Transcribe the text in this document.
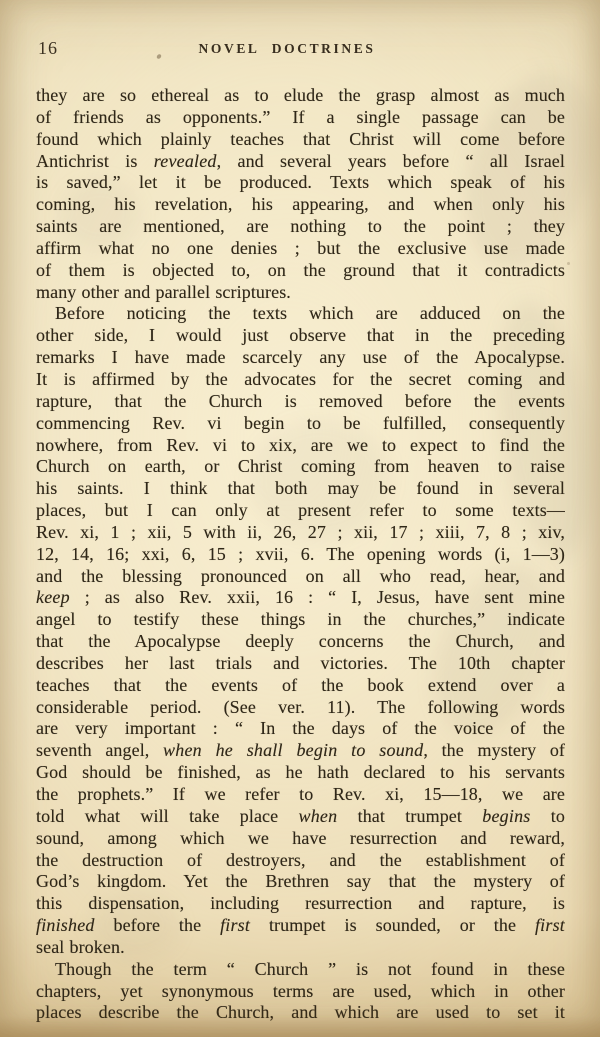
16	NOVEL DOCTRINES
they are so ethereal as to elude the grasp almost as much
of friends as opponents.” If a single passage can be
found which plainly teaches that Christ will come before
Antichrist is revealed, and several years before “ all Israel
is saved,” let it be produced. Texts which speak of his
coming, his revelation, his appearing, and when only his
saints are mentioned, are nothing to the point ; they
affirm what no one denies ; but the exclusive use made
of them is objected to, on the ground that it contradicts
many other and parallel scriptures.
Before noticing the texts which are adduced on the
other side, I would just observe that in the preceding
remarks I have made scarcely any use of the Apocalypse.
It is affirmed by the advocates for the secret coming and
rapture, that the Church is removed before the events
commencing Rev. vi begin to be fulfilled, consequently
nowhere, from Rev. vi to xix, are we to expect to find the
Church on earth, or Christ coming from heaven to raise
his saints. I think that both may be found in several
places, but I can only at present refer to some texts—
Rev. xi, 1 ; xii, 5 with ii, 26, 27 ; xii, 17 ; xiii, 7, 8 ; xiv,
12, 14, 16; xxi, 6, 15 ; xvii, 6. The opening words (i, 1—3)
and the blessing pronounced on all who read, hear, and
keep ; as also Rev. xxii, 16 : “ I, Jesus, have sent mine
angel to testify these things in the churches,” indicate
that the Apocalypse deeply concerns the Church, and
describes her last trials and victories. The 10th chapter
teaches that the events of the book extend over a
considerable period. (See ver. 11). The following words
are very important : “ In the days of the voice of the
seventh angel, when he shall begin to sound, the mystery of
God should be finished, as he hath declared to his servants
the prophets.” If we refer to Rev. xi, 15—18, we are
told what will take place when that trumpet begins to
sound, among which we have resurrection and reward,
the destruction of destroyers, and the establishment of
God’s kingdom. Yet the Brethren say that the mystery of
this dispensation, including resurrection and rapture, is
finished before the first trumpet is sounded, or the first
seal broken.
Though the term “ Church ” is not found in these
chapters, yet synonymous terms are used, which in other
places describe the Church, and which are used to set it
